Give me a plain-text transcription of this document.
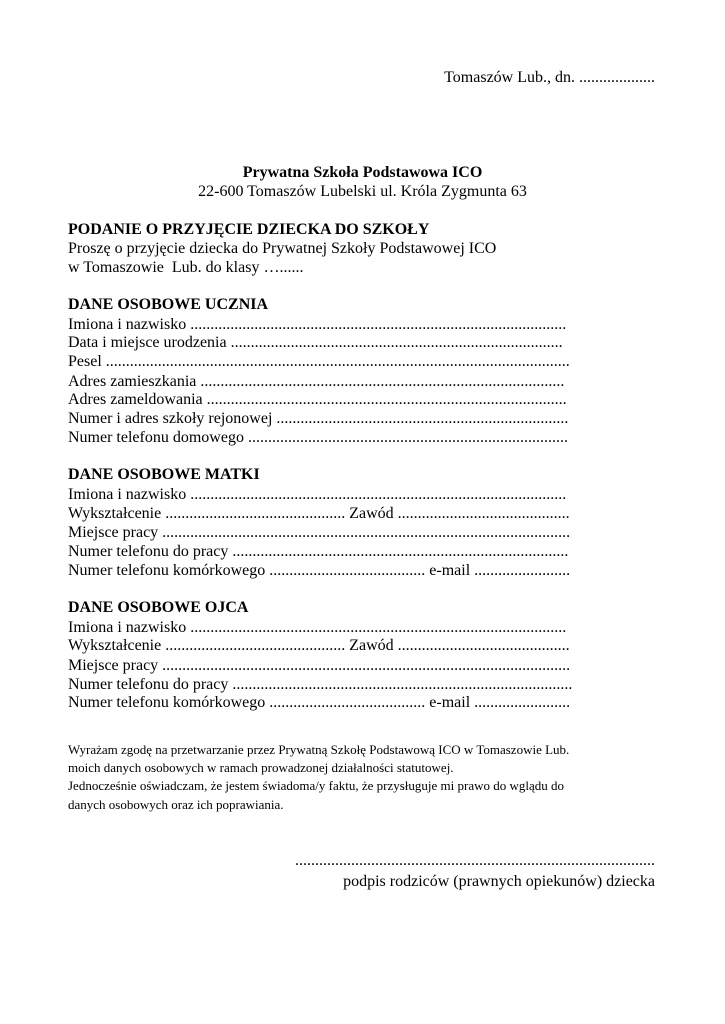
Tomaszów Lub., dn. ...................
Prywatna Szkoła Podstawowa ICO
22-600 Tomaszów Lubelski ul. Króla Zygmunta 63
PODANIE O PRZYJĘCIE DZIECKA DO SZKOŁY
Proszę o przyjęcie dziecka do Prywatnej Szkoły Podstawowej ICO
w Tomaszowie  Lub. do klasy …......
DANE OSOBOWE UCZNIA
Imiona i nazwisko ..............................................................................................
Data i miejsce urodzenia ...................................................................................
Pesel ....................................................................................................................
Adres zamieszkania ...........................................................................................
Adres zameldowania ..........................................................................................
Numer i adres szkoły rejonowej .........................................................................
Numer telefonu domowego ................................................................................
DANE OSOBOWE MATKI
Imiona i nazwisko ..............................................................................................
Wykształcenie ............................................. Zawód ...........................................
Miejsce pracy ......................................................................................................
Numer telefonu do pracy ....................................................................................
Numer telefonu komórkowego ....................................... e-mail ........................
DANE OSOBOWE OJCA
Imiona i nazwisko ..............................................................................................
Wykształcenie ............................................. Zawód ...........................................
Miejsce pracy ......................................................................................................
Numer telefonu do pracy .....................................................................................
Numer telefonu komórkowego ....................................... e-mail ........................
Wyrażam zgodę na przetwarzanie przez Prywatną Szkołę Podstawową ICO w Tomaszowie Lub.
moich danych osobowych w ramach prowadzonej działalności statutowej.
Jednocześnie oświadczam, że jestem świadoma/y faktu, że przysługuje mi prawo do wglądu do
danych osobowych oraz ich poprawiania.
..........................................................................................
podpis rodziców (prawnych opiekunów) dziecka
